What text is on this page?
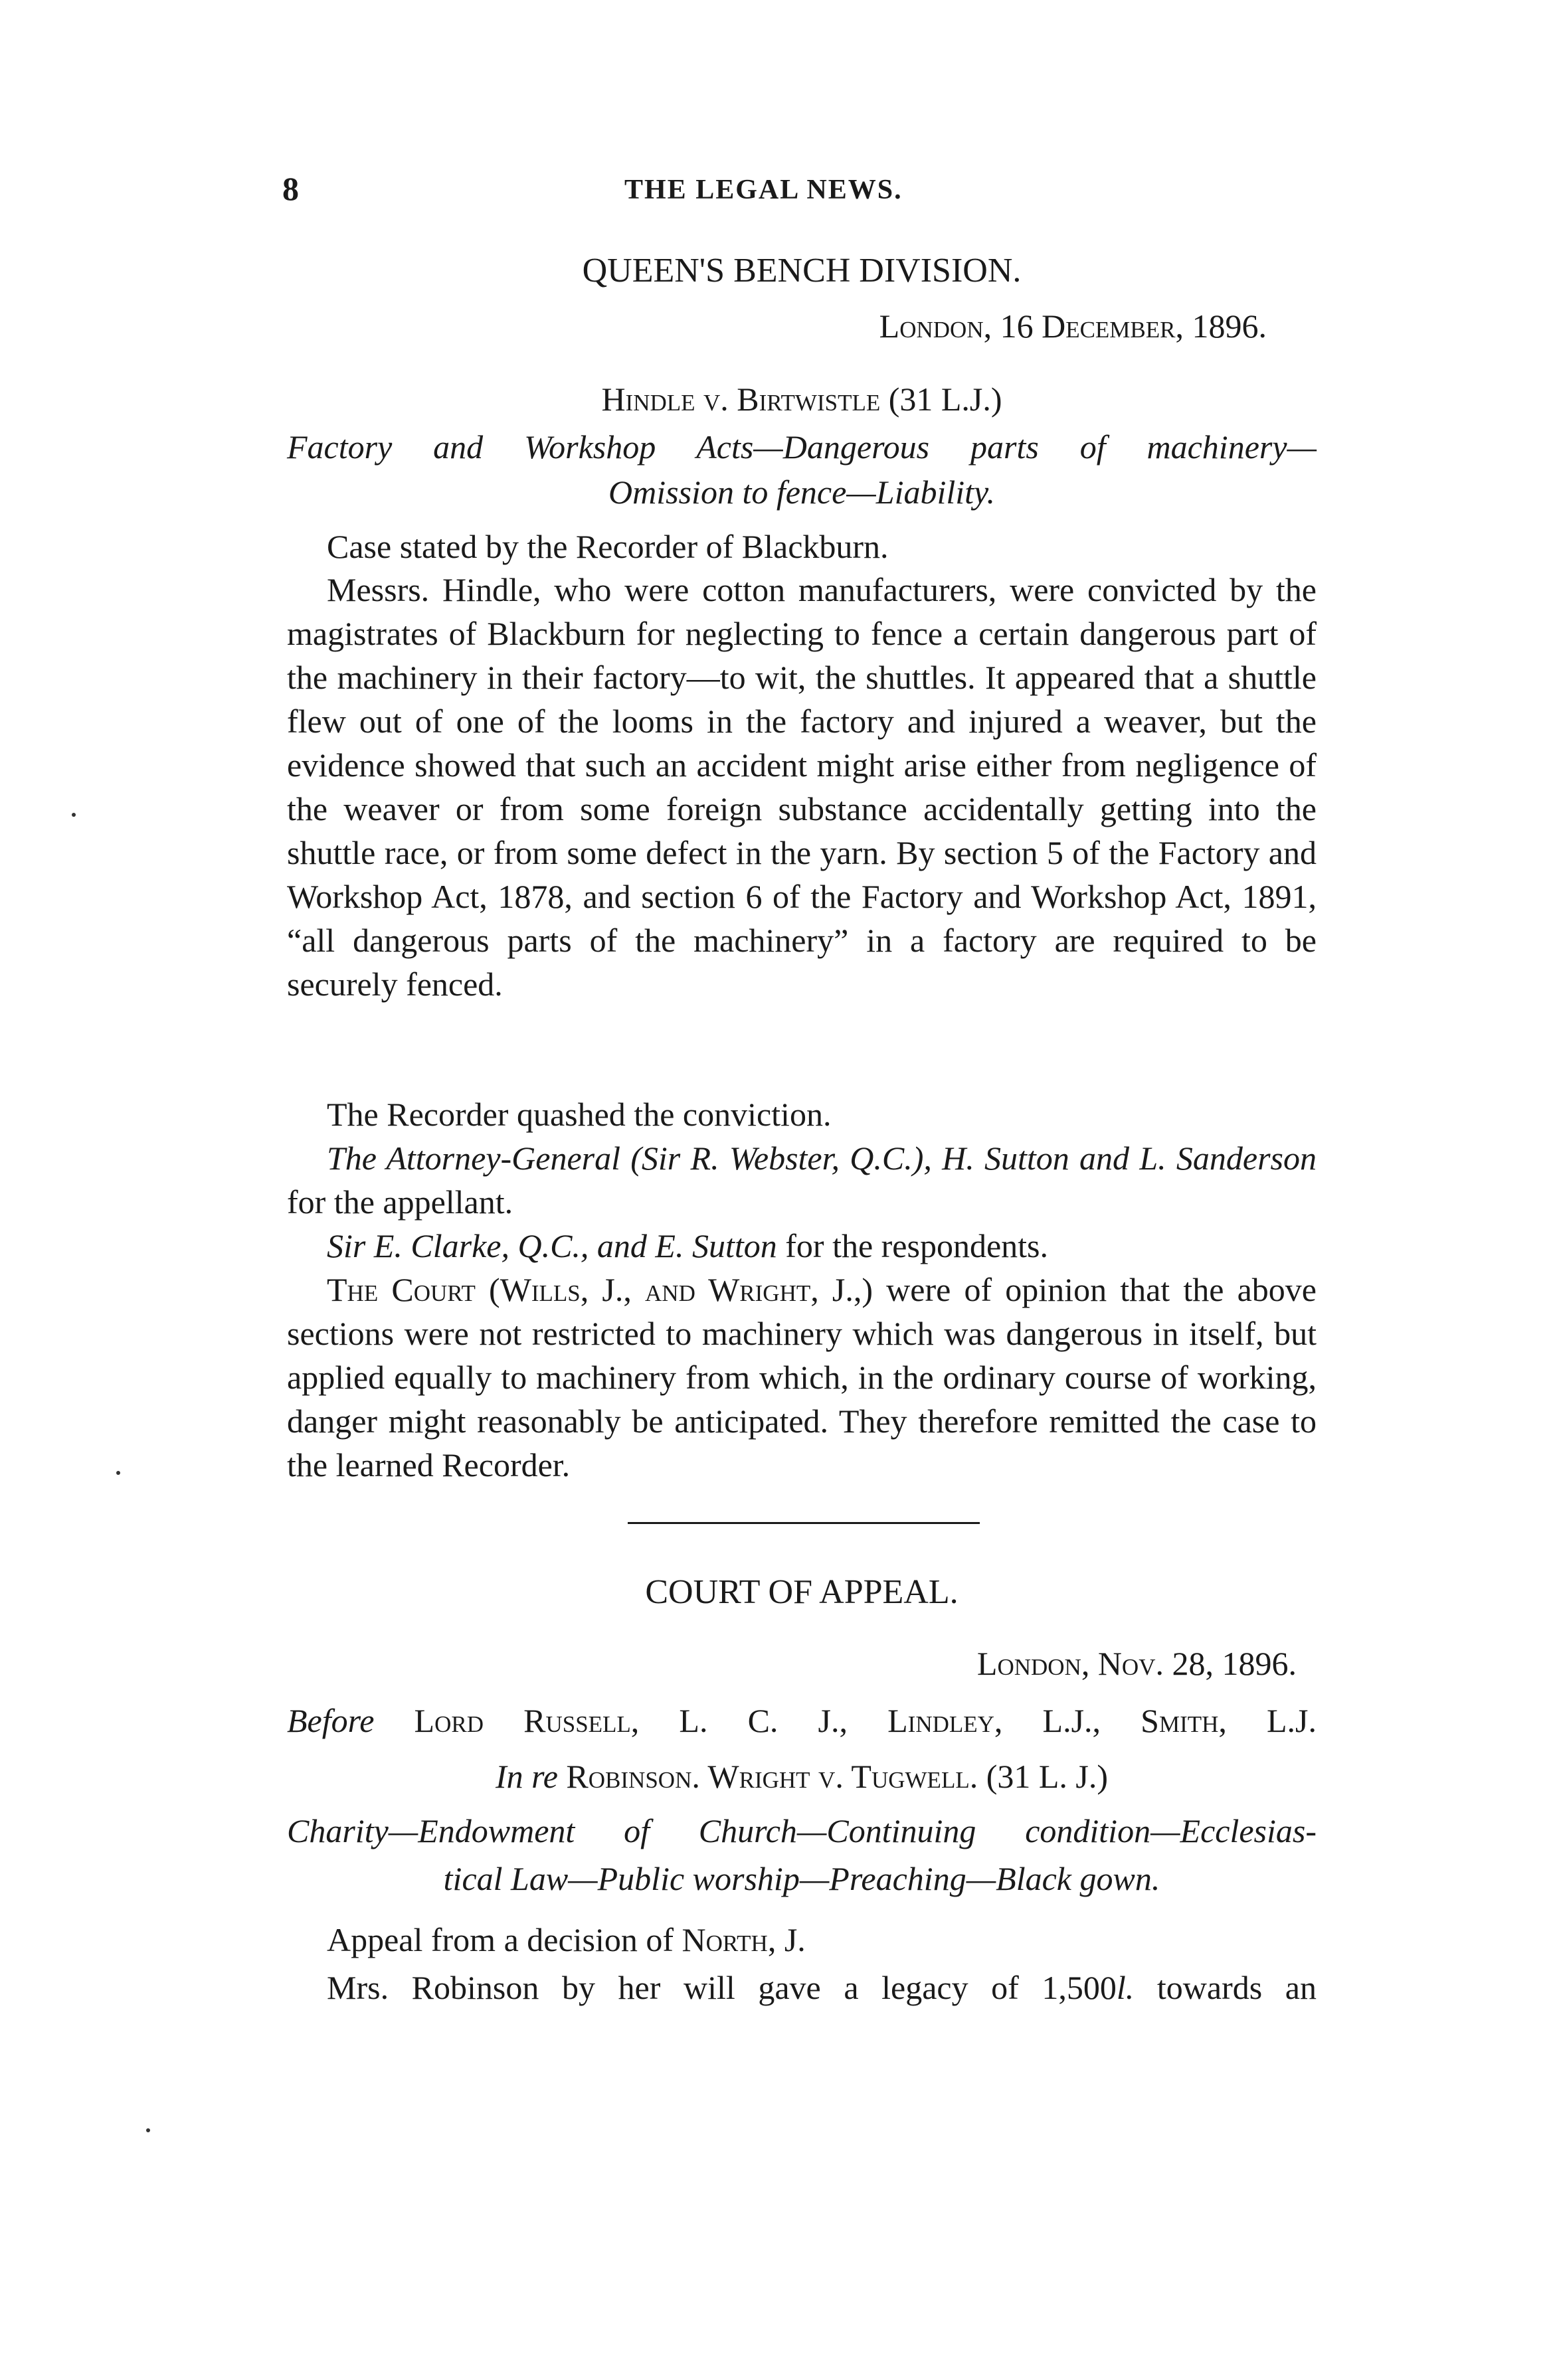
8	THE LEGAL NEWS.
QUEEN'S BENCH DIVISION.
London, 16 December, 1896.
Hindle v. Birtwistle (31 L.J.)
Factory and Workshop Acts—Dangerous parts of machinery—
Omission to fence—Liability.
Case stated by the Recorder of Blackburn.
Messrs. Hindle, who were cotton manufacturers, were convicted by the magistrates of Blackburn for neglecting to fence a certain dangerous part of the machinery in their factory—to wit, the shuttles. It appeared that a shuttle flew out of one of the looms in the factory and injured a weaver, but the evidence showed that such an accident might arise either from negligence of the weaver or from some foreign substance accidentally getting into the shuttle race, or from some defect in the yarn. By section 5 of the Factory and Workshop Act, 1878, and section 6 of the Factory and Workshop Act, 1891, “all dangerous parts of the machinery” in a factory are required to be securely fenced.
The Recorder quashed the conviction.
The Attorney-General (Sir R. Webster, Q.C.), H. Sutton and L. Sanderson for the appellant.
Sir E. Clarke, Q.C., and E. Sutton for the respondents.
The Court (Wills, J., and Wright, J.,) were of opinion that the above sections were not restricted to machinery which was dangerous in itself, but applied equally to machinery from which, in the ordinary course of working, danger might reasonably be anticipated. They therefore remitted the case to the learned Recorder.
COURT OF APPEAL.
London, Nov. 28, 1896.
Before Lord Russell, L. C. J., Lindley, L.J., Smith, L.J.
In re Robinson. Wright v. Tugwell. (31 L. J.)
Charity—Endowment of Church—Continuing condition—Ecclesias-
tical Law—Public worship—Preaching—Black gown.
Appeal from a decision of North, J.
Mrs. Robinson by her will gave a legacy of 1,500l. towards an
